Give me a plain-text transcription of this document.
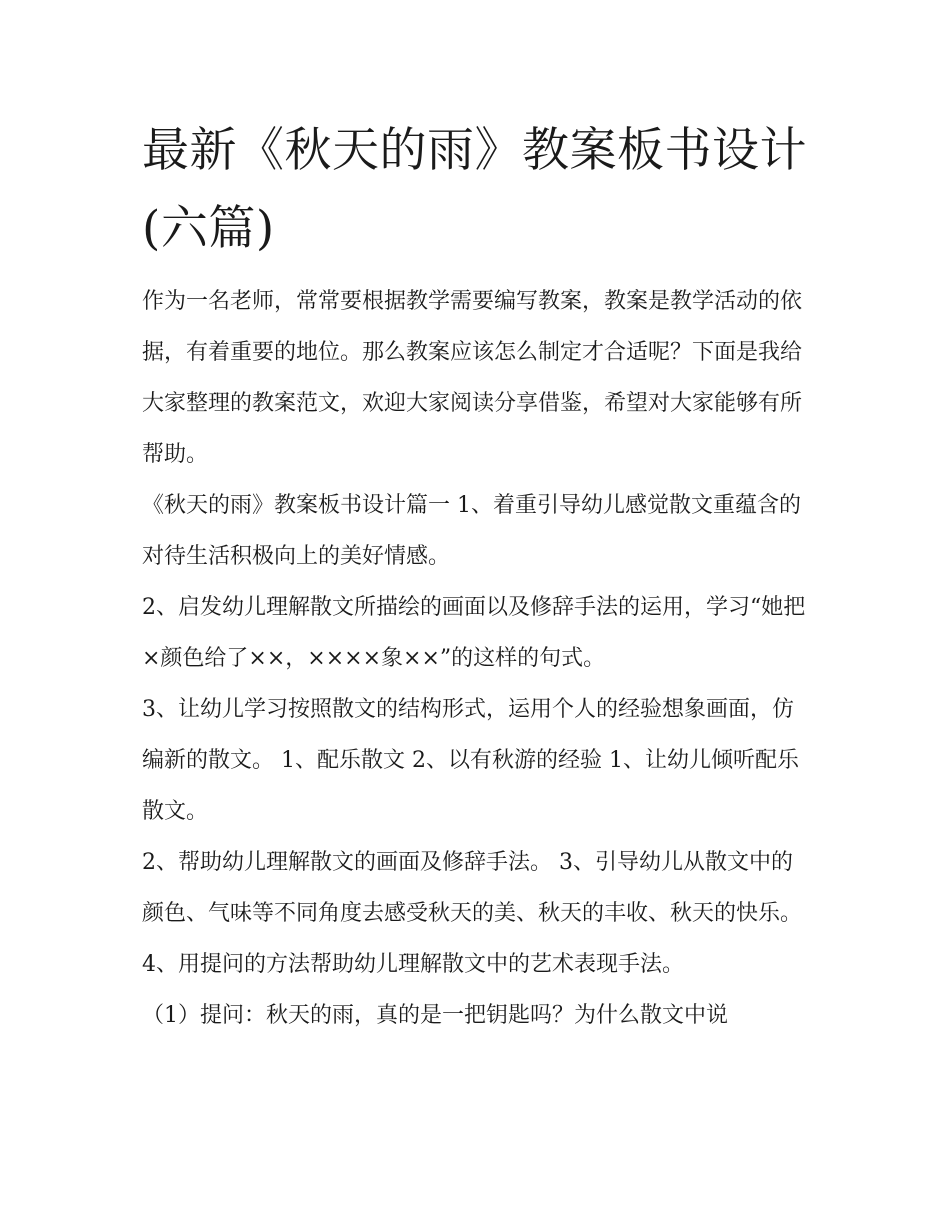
最新《秋天的雨》教案板书设计(六篇)

作为一名老师，常常要根据教学需要编写教案，教案是教学活动的依据，有着重要的地位。那么教案应该怎么制定才合适呢？下面是我给大家整理的教案范文，欢迎大家阅读分享借鉴，希望对大家能够有所帮助。

《秋天的雨》教案板书设计篇一 1、着重引导幼儿感觉散文重蕴含的对待生活积极向上的美好情感。

2、启发幼儿理解散文所描绘的画面以及修辞手法的运用，学习“她把×颜色给了××，××××象××”的这样的句式。

3、让幼儿学习按照散文的结构形式，运用个人的经验想象画面，仿编新的散文。 1、配乐散文 2、以有秋游的经验 1、让幼儿倾听配乐散文。

2、帮助幼儿理解散文的画面及修辞手法。 3、引导幼儿从散文中的颜色、气味等不同角度去感受秋天的美、秋天的丰收、秋天的快乐。

4、用提问的方法帮助幼儿理解散文中的艺术表现手法。

（1）提问：秋天的雨，真的是一把钥匙吗？为什么散文中说
